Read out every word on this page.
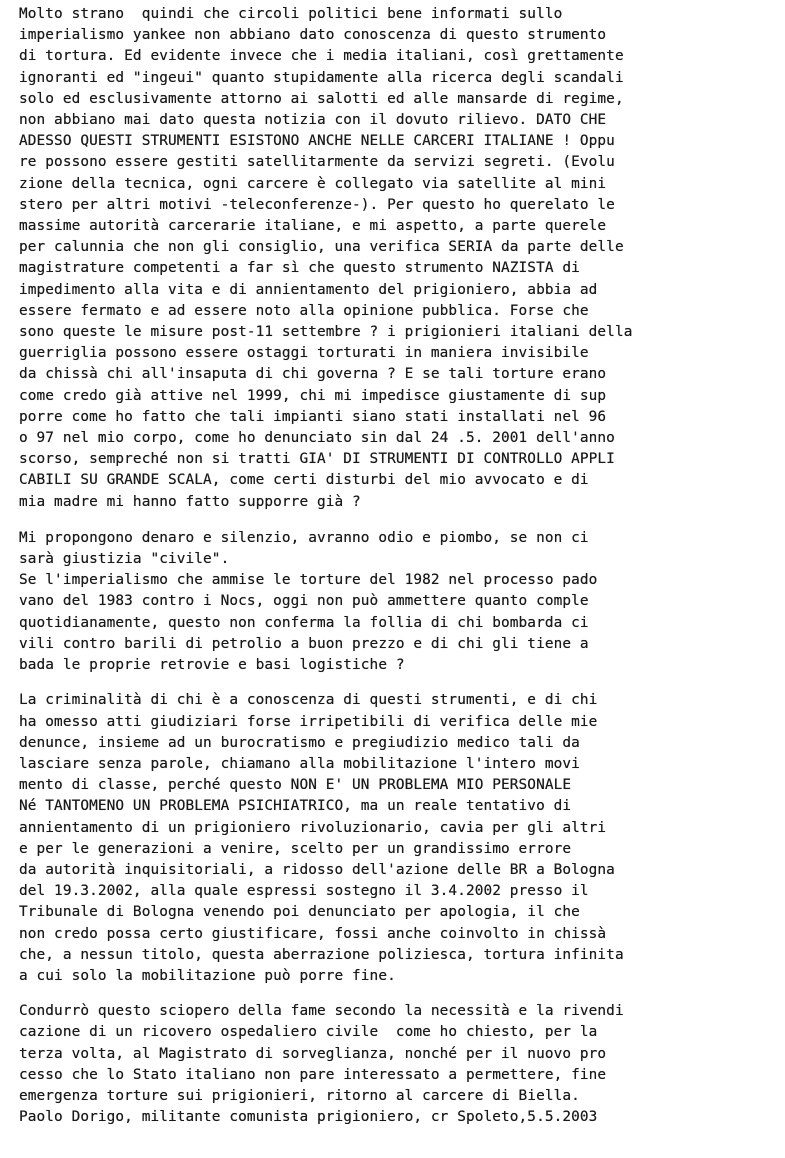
Molto strano  quindi che circoli politici bene informati sullo
imperialismo yankee non abbiano dato conoscenza di questo strumento
di tortura. Ed evidente invece che i media italiani, così grettamente
ignoranti ed "ingeui" quanto stupidamente alla ricerca degli scandali
solo ed esclusivamente attorno ai salotti ed alle mansarde di regime,
non abbiano mai dato questa notizia con il dovuto rilievo. DATO CHE
ADESSO QUESTI STRUMENTI ESISTONO ANCHE NELLE CARCERI ITALIANE ! Oppu
re possono essere gestiti satellitarmente da servizi segreti. (Evolu
zione della tecnica, ogni carcere è collegato via satellite al mini
stero per altri motivi -teleconferenze-). Per questo ho querelato le
massime autorità carcerarie italiane, e mi aspetto, a parte querele
per calunnia che non gli consiglio, una verifica SERIA da parte delle
magistrature competenti a far sì che questo strumento NAZISTA di
impedimento alla vita e di annientamento del prigioniero, abbia ad
essere fermato e ad essere noto alla opinione pubblica. Forse che
sono queste le misure post-11 settembre ? i prigionieri italiani della
guerriglia possono essere ostaggi torturati in maniera invisibile
da chissà chi all'insaputa di chi governa ? E se tali torture erano
come credo già attive nel 1999, chi mi impedisce giustamente di sup
porre come ho fatto che tali impianti siano stati installati nel 96
o 97 nel mio corpo, come ho denunciato sin dal 24 .5. 2001 dell'anno
scorso, sempreché non si tratti GIA' DI STRUMENTI DI CONTROLLO APPLI
CABILI SU GRANDE SCALA, come certi disturbi del mio avvocato e di
mia madre mi hanno fatto supporre già ?
Mi propongono denaro e silenzio, avranno odio e piombo, se non ci
sarà giustizia "civile".
Se l'imperialismo che ammise le torture del 1982 nel processo pado
vano del 1983 contro i Nocs, oggi non può ammettere quanto comple
quotidianamente, questo non conferma la follia di chi bombarda ci
vili contro barili di petrolio a buon prezzo e di chi gli tiene a
bada le proprie retrovie e basi logistiche ?
La criminalità di chi è a conoscenza di questi strumenti, e di chi
ha omesso atti giudiziari forse irripetibili di verifica delle mie
denunce, insieme ad un burocratismo e pregiudizio medico tali da
lasciare senza parole, chiamano alla mobilitazione l'intero movi
mento di classe, perché questo NON E' UN PROBLEMA MIO PERSONALE
Né TANTOMENO UN PROBLEMA PSICHIATRICO, ma un reale tentativo di
annientamento di un prigioniero rivoluzionario, cavia per gli altri
e per le generazioni a venire, scelto per un grandissimo errore
da autorità inquisitoriali, a ridosso dell'azione delle BR a Bologna
del 19.3.2002, alla quale espressi sostegno il 3.4.2002 presso il
Tribunale di Bologna venendo poi denunciato per apologia, il che
non credo possa certo giustificare, fossi anche coinvolto in chissà
che, a nessun titolo, questa aberrazione poliziesca, tortura infinita
a cui solo la mobilitazione può porre fine.
Condurrò questo sciopero della fame secondo la necessità e la rivendi
cazione di un ricovero ospedaliero civile  come ho chiesto, per la
terza volta, al Magistrato di sorveglianza, nonché per il nuovo pro
cesso che lo Stato italiano non pare interessato a permettere, fine
emergenza torture sui prigionieri, ritorno al carcere di Biella.
Paolo Dorigo, militante comunista prigioniero, cr Spoleto,5.5.2003
